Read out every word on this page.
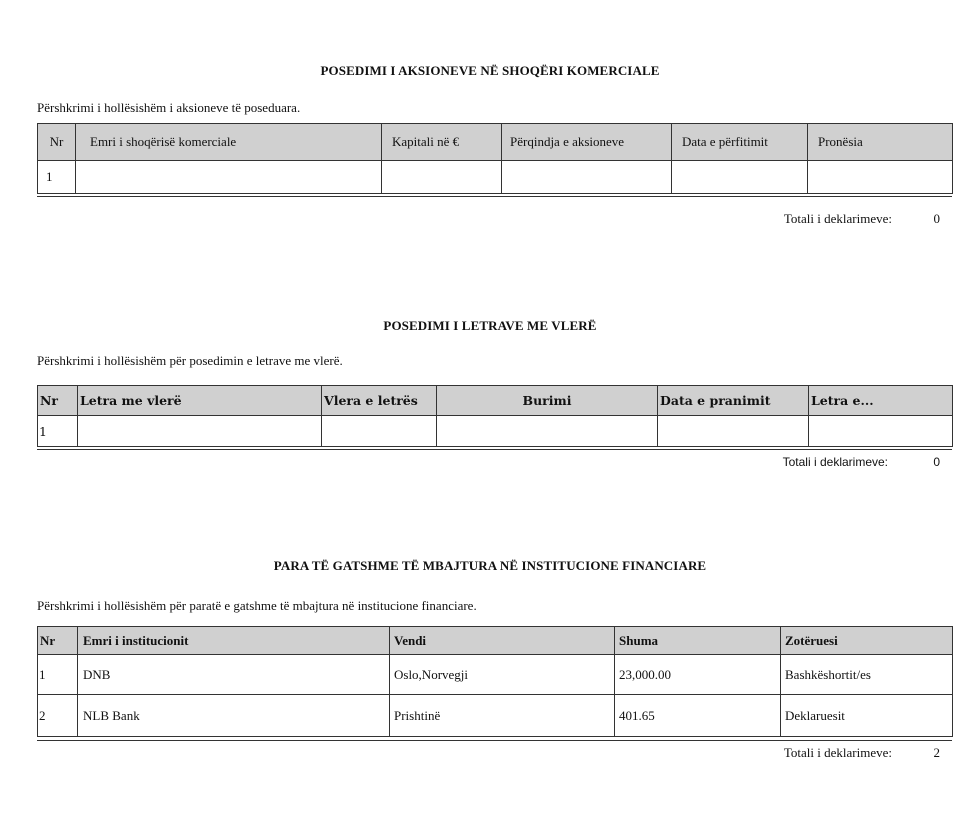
POSEDIMI I AKSIONEVE NË SHOQËRI KOMERCIALE
Përshkrimi i hollësishëm i aksioneve të poseduara.
Nr	Emri i shoqërisë komerciale	Kapitali në €	Përqindja e aksioneve	Data e përfitimit	Pronësia
1					
Totali i deklarimeve:	0
POSEDIMI I LETRAVE ME VLERË
Përshkrimi i hollësishëm për posedimin e letrave me vlerë.
Nr	Letra me vlerë	Vlera e letrës	Burimi	Data e pranimit	Letra e...
1					
Totali i deklarimeve:	0
PARA TË GATSHME TË MBAJTURA NË INSTITUCIONE FINANCIARE
Përshkrimi i hollësishëm për paratë e gatshme të mbajtura në institucione financiare.
Nr	Emri i institucionit	Vendi	Shuma	Zotëruesi
1	DNB	Oslo,Norvegji	23,000.00	Bashkëshortit/es
2	NLB Bank	Prishtinë	401.65	Deklaruesit
Totali i deklarimeve:	2
